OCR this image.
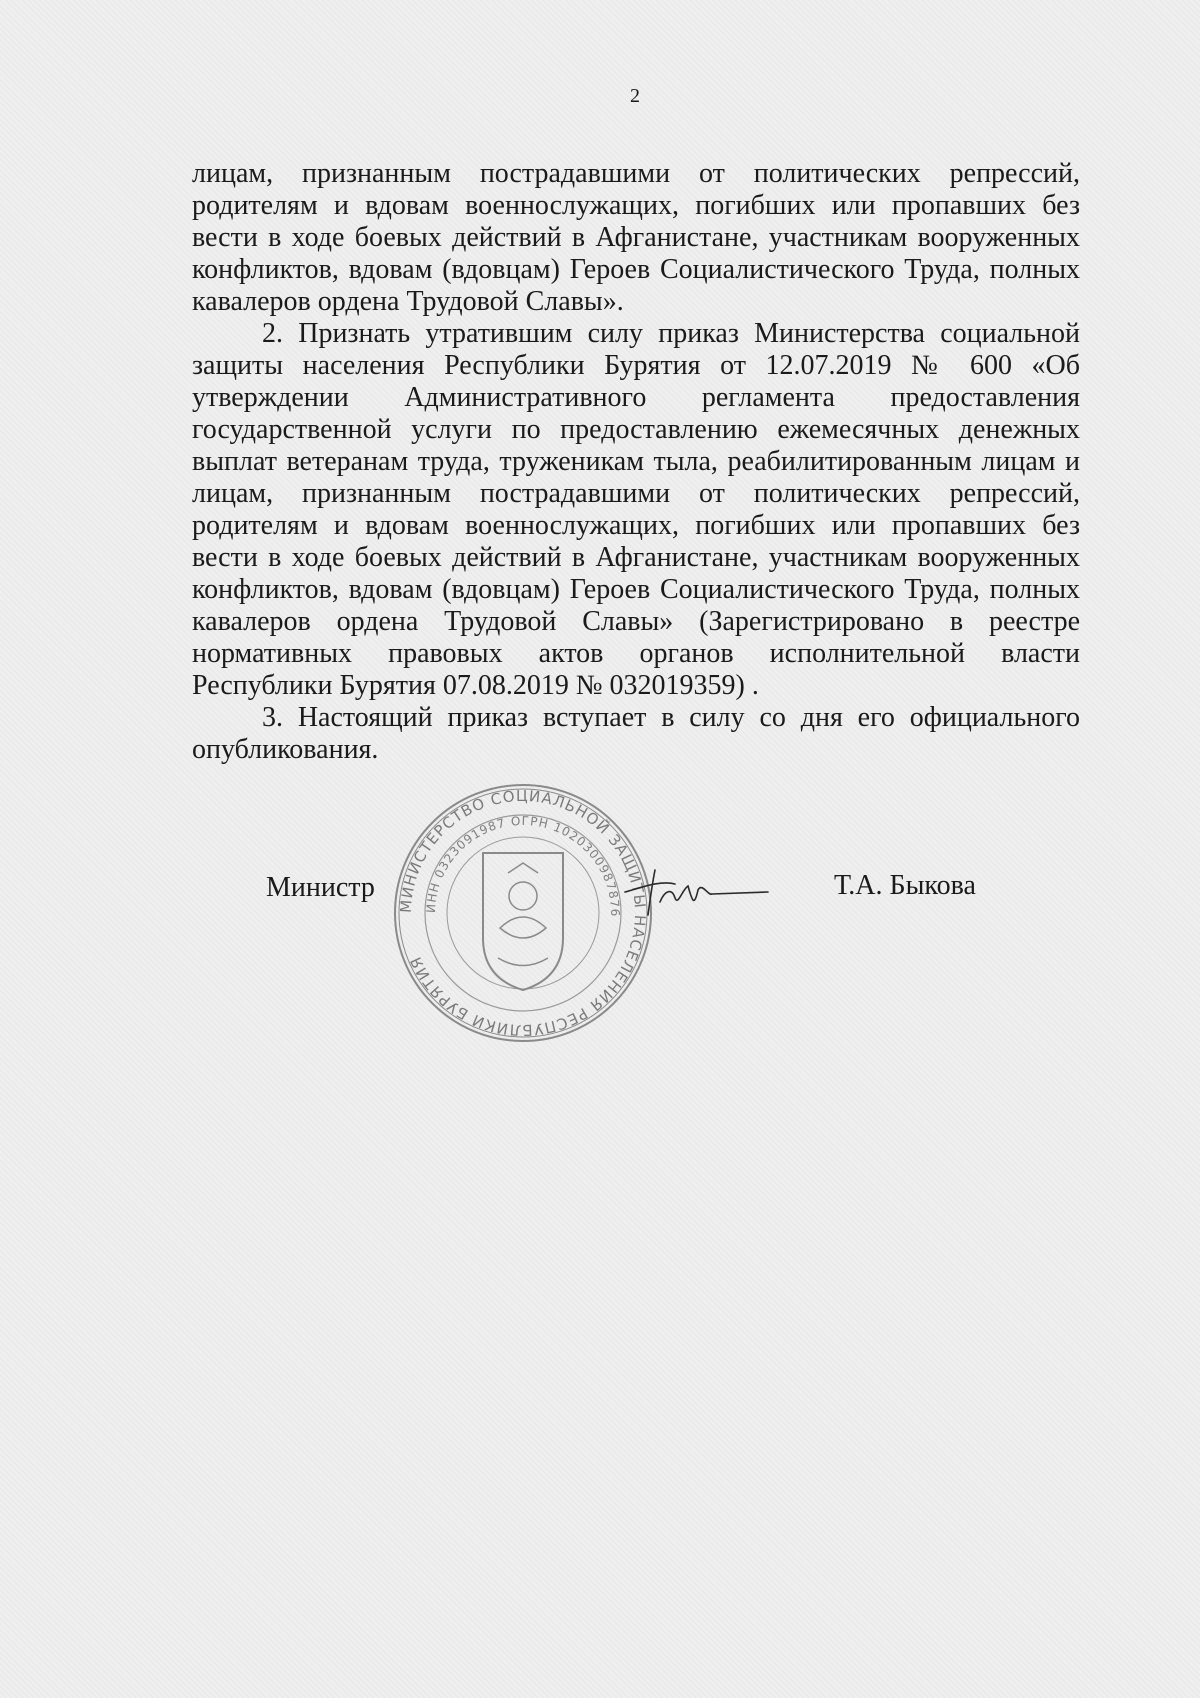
2

лицам, признанным пострадавшими от политических репрессий, родителям и вдовам военнослужащих, погибших или пропавших без вести в ходе боевых действий в Афганистане, участникам вооруженных конфликтов, вдовам (вдовцам) Героев Социалистического Труда, полных кавалеров ордена Трудовой Славы».

2. Признать утратившим силу приказ Министерства социальной защиты населения Республики Бурятия от 12.07.2019 № 600 «Об утверждении Административного регламента предоставления государственной услуги по предоставлению ежемесячных денежных выплат ветеранам труда, труженикам тыла, реабилитированным лицам и лицам, признанным пострадавшими от политических репрессий, родителям и вдовам военнослужащих, погибших или пропавших без вести в ходе боевых действий в Афганистане, участникам вооруженных конфликтов, вдовам (вдовцам) Героев Социалистического Труда, полных кавалеров ордена Трудовой Славы» (Зарегистрировано в реестре нормативных правовых актов органов исполнительной власти Республики Бурятия 07.08.2019 № 032019359) .

3. Настоящий приказ вступает в силу со дня его официального опубликования.

Министр
МИНИСТЕРСТВО СОЦИАЛЬНОЙ ЗАЩИТЫ НАСЕЛЕНИЯ РЕСПУБЛИКИ БУРЯТИЯ
ИНН 0323091987 ОГРН 1020300987876
Т.А. Быкова
